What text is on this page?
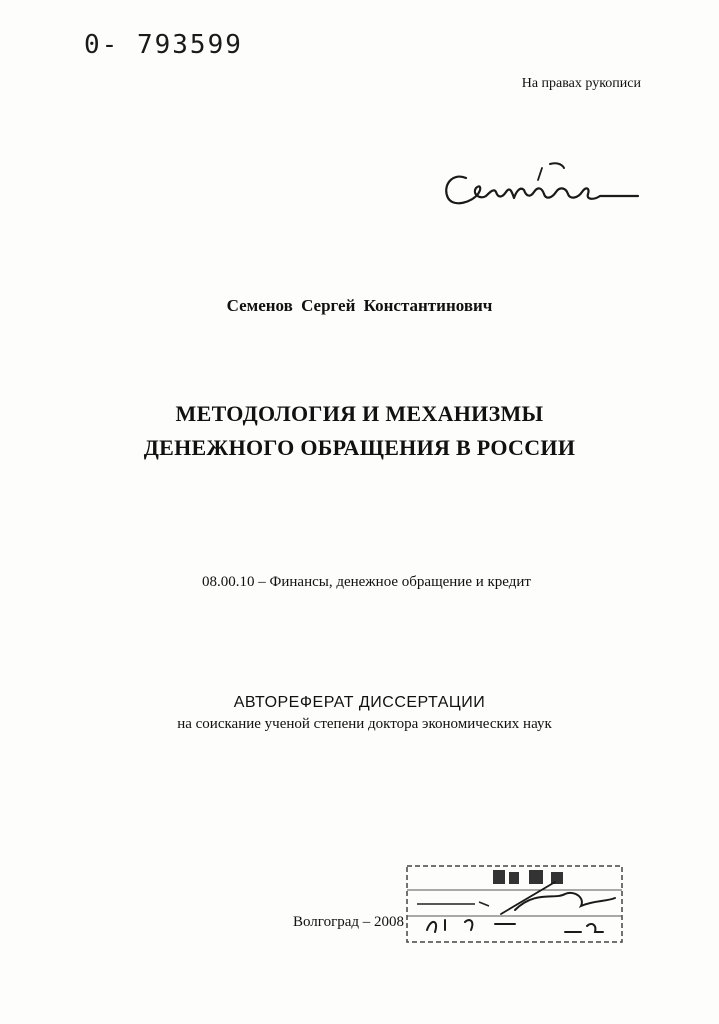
0- 793599
На правах рукописи
Семенов Сергей Константинович
МЕТОДОЛОГИЯ И МЕХАНИЗМЫ
ДЕНЕЖНОГО ОБРАЩЕНИЯ В РОССИИ
08.00.10 – Финансы, денежное обращение и кредит
АВТОРЕФЕРАТ ДИССЕРТАЦИИ
на соискание ученой степени доктора экономических наук
Волгоград – 2008
